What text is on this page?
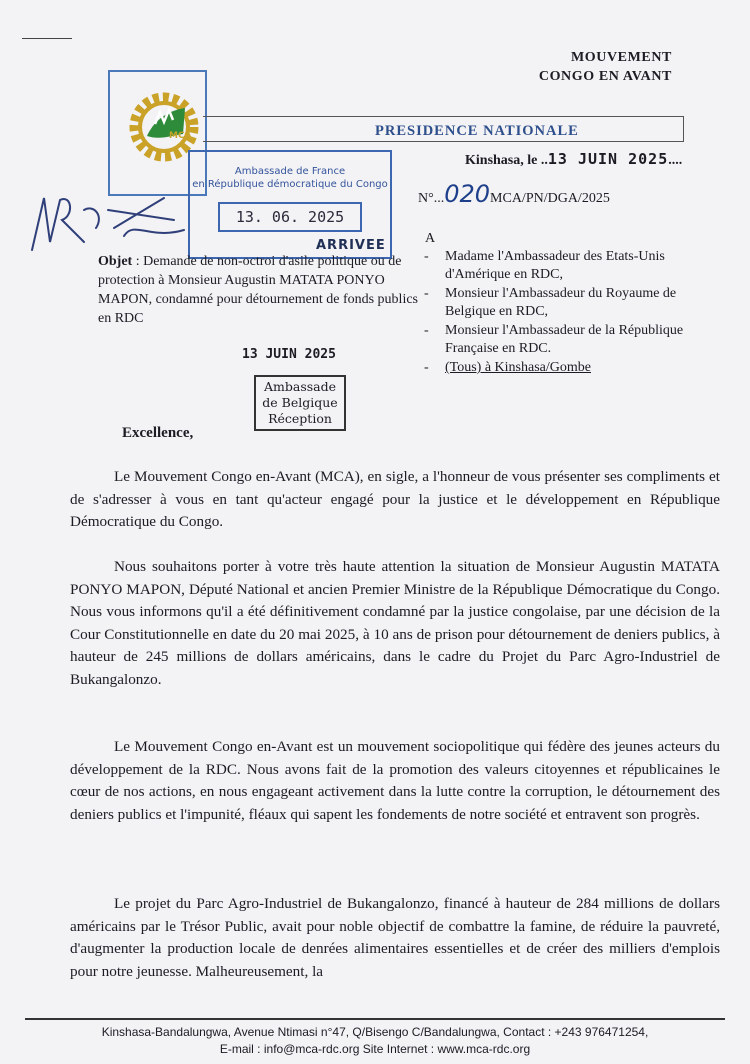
MOUVEMENT
CONGO EN AVANT
MCA	PRESIDENCE NATIONALE
Kinshasa, le ..13 JUIN 2025....
N°...020MCA/PN/DGA/2025
Ambassade de France
en République démocratique du Congo
13. 06. 2025
ARRIVEE	A
Objet : Demande de non-octroi d'asile politique ou de protection à Monsieur Augustin MATATA PONYO MAPON, condamné pour détournement de fonds publics en RDC
- Madame l'Ambassadeur des Etats-Unis d'Amérique en RDC,
- Monsieur l'Ambassadeur du Royaume de Belgique en RDC,
- Monsieur l'Ambassadeur de la République Française en RDC.
- (Tous) à Kinshasa/Gombe
13 JUIN 2025
Ambassade
de Belgique
Réception
Excellence,

Le Mouvement Congo en-Avant (MCA), en sigle, a l'honneur de vous présenter ses compliments et de s'adresser à vous en tant qu'acteur engagé pour la justice et le développement en République Démocratique du Congo.

Nous souhaitons porter à votre très haute attention la situation de Monsieur Augustin MATATA PONYO MAPON, Député National et ancien Premier Ministre de la République Démocratique du Congo. Nous vous informons qu'il a été définitivement condamné par la justice congolaise, par une décision de la Cour Constitutionnelle en date du 20 mai 2025, à 10 ans de prison pour détournement de deniers publics, à hauteur de 245 millions de dollars américains, dans le cadre du Projet du Parc Agro-Industriel de Bukangalonzo.

Le Mouvement Congo en-Avant est un mouvement sociopolitique qui fédère des jeunes acteurs du développement de la RDC. Nous avons fait de la promotion des valeurs citoyennes et républicaines le cœur de nos actions, en nous engageant activement dans la lutte contre la corruption, le détournement des deniers publics et l'impunité, fléaux qui sapent les fondements de notre société et entravent son progrès.

Le projet du Parc Agro-Industriel de Bukangalonzo, financé à hauteur de 284 millions de dollars américains par le Trésor Public, avait pour noble objectif de combattre la famine, de réduire la pauvreté, d'augmenter la production locale de denrées alimentaires essentielles et de créer des milliers d'emplois pour notre jeunesse. Malheureusement, la

Kinshasa-Bandalungwa, Avenue Ntimasi n°47, Q/Bisengo C/Bandalungwa, Contact : +243 976471254,
E-mail : info@mca-rdc.org Site Internet : www.mca-rdc.org
